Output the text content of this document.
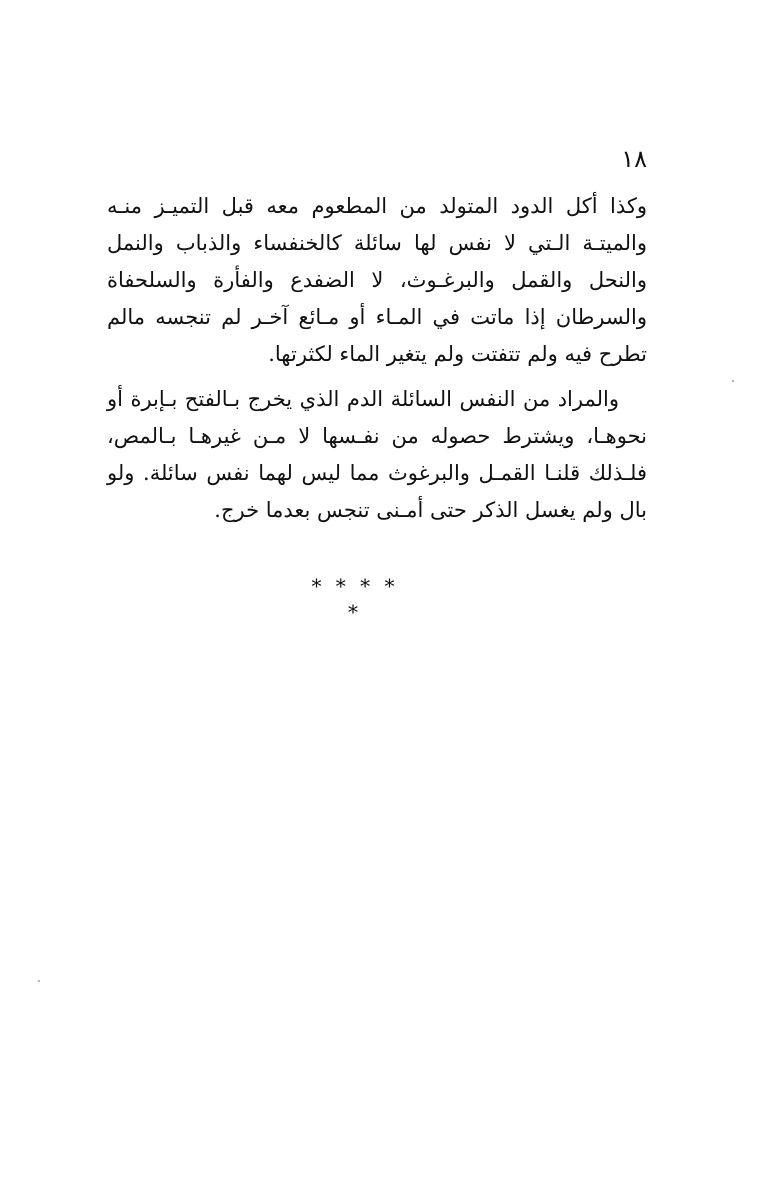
١٨

وكذا أكل الدود المتولد من المطعوم معه قبل التميـز منـه والميتـة الـتي لا نفس لها سائلة كالخنفساء والذباب والنمل والنحل والقمل والبرغـوث، لا الضفدع والفأرة والسلحفاة والسرطان إذا ماتت في المـاء أو مـائع آخـر لم تنجسه مالم تطرح فيه ولم تتفتت ولم يتغير الماء لكثرتها.

والمراد من النفس السائلة الدم الذي يخرج بـالفتح بـإبرة أو نحوهـا، ويشترط حصوله من نفـسها لا مـن غيرهـا بـالمص، فلـذلك قلنـا القمـل والبرغوث مما ليس لهما نفس سائلة. ولو بال ولم يغسل الذكر حتى أمـنى تنجس بعدما خرج.

* * * * *
